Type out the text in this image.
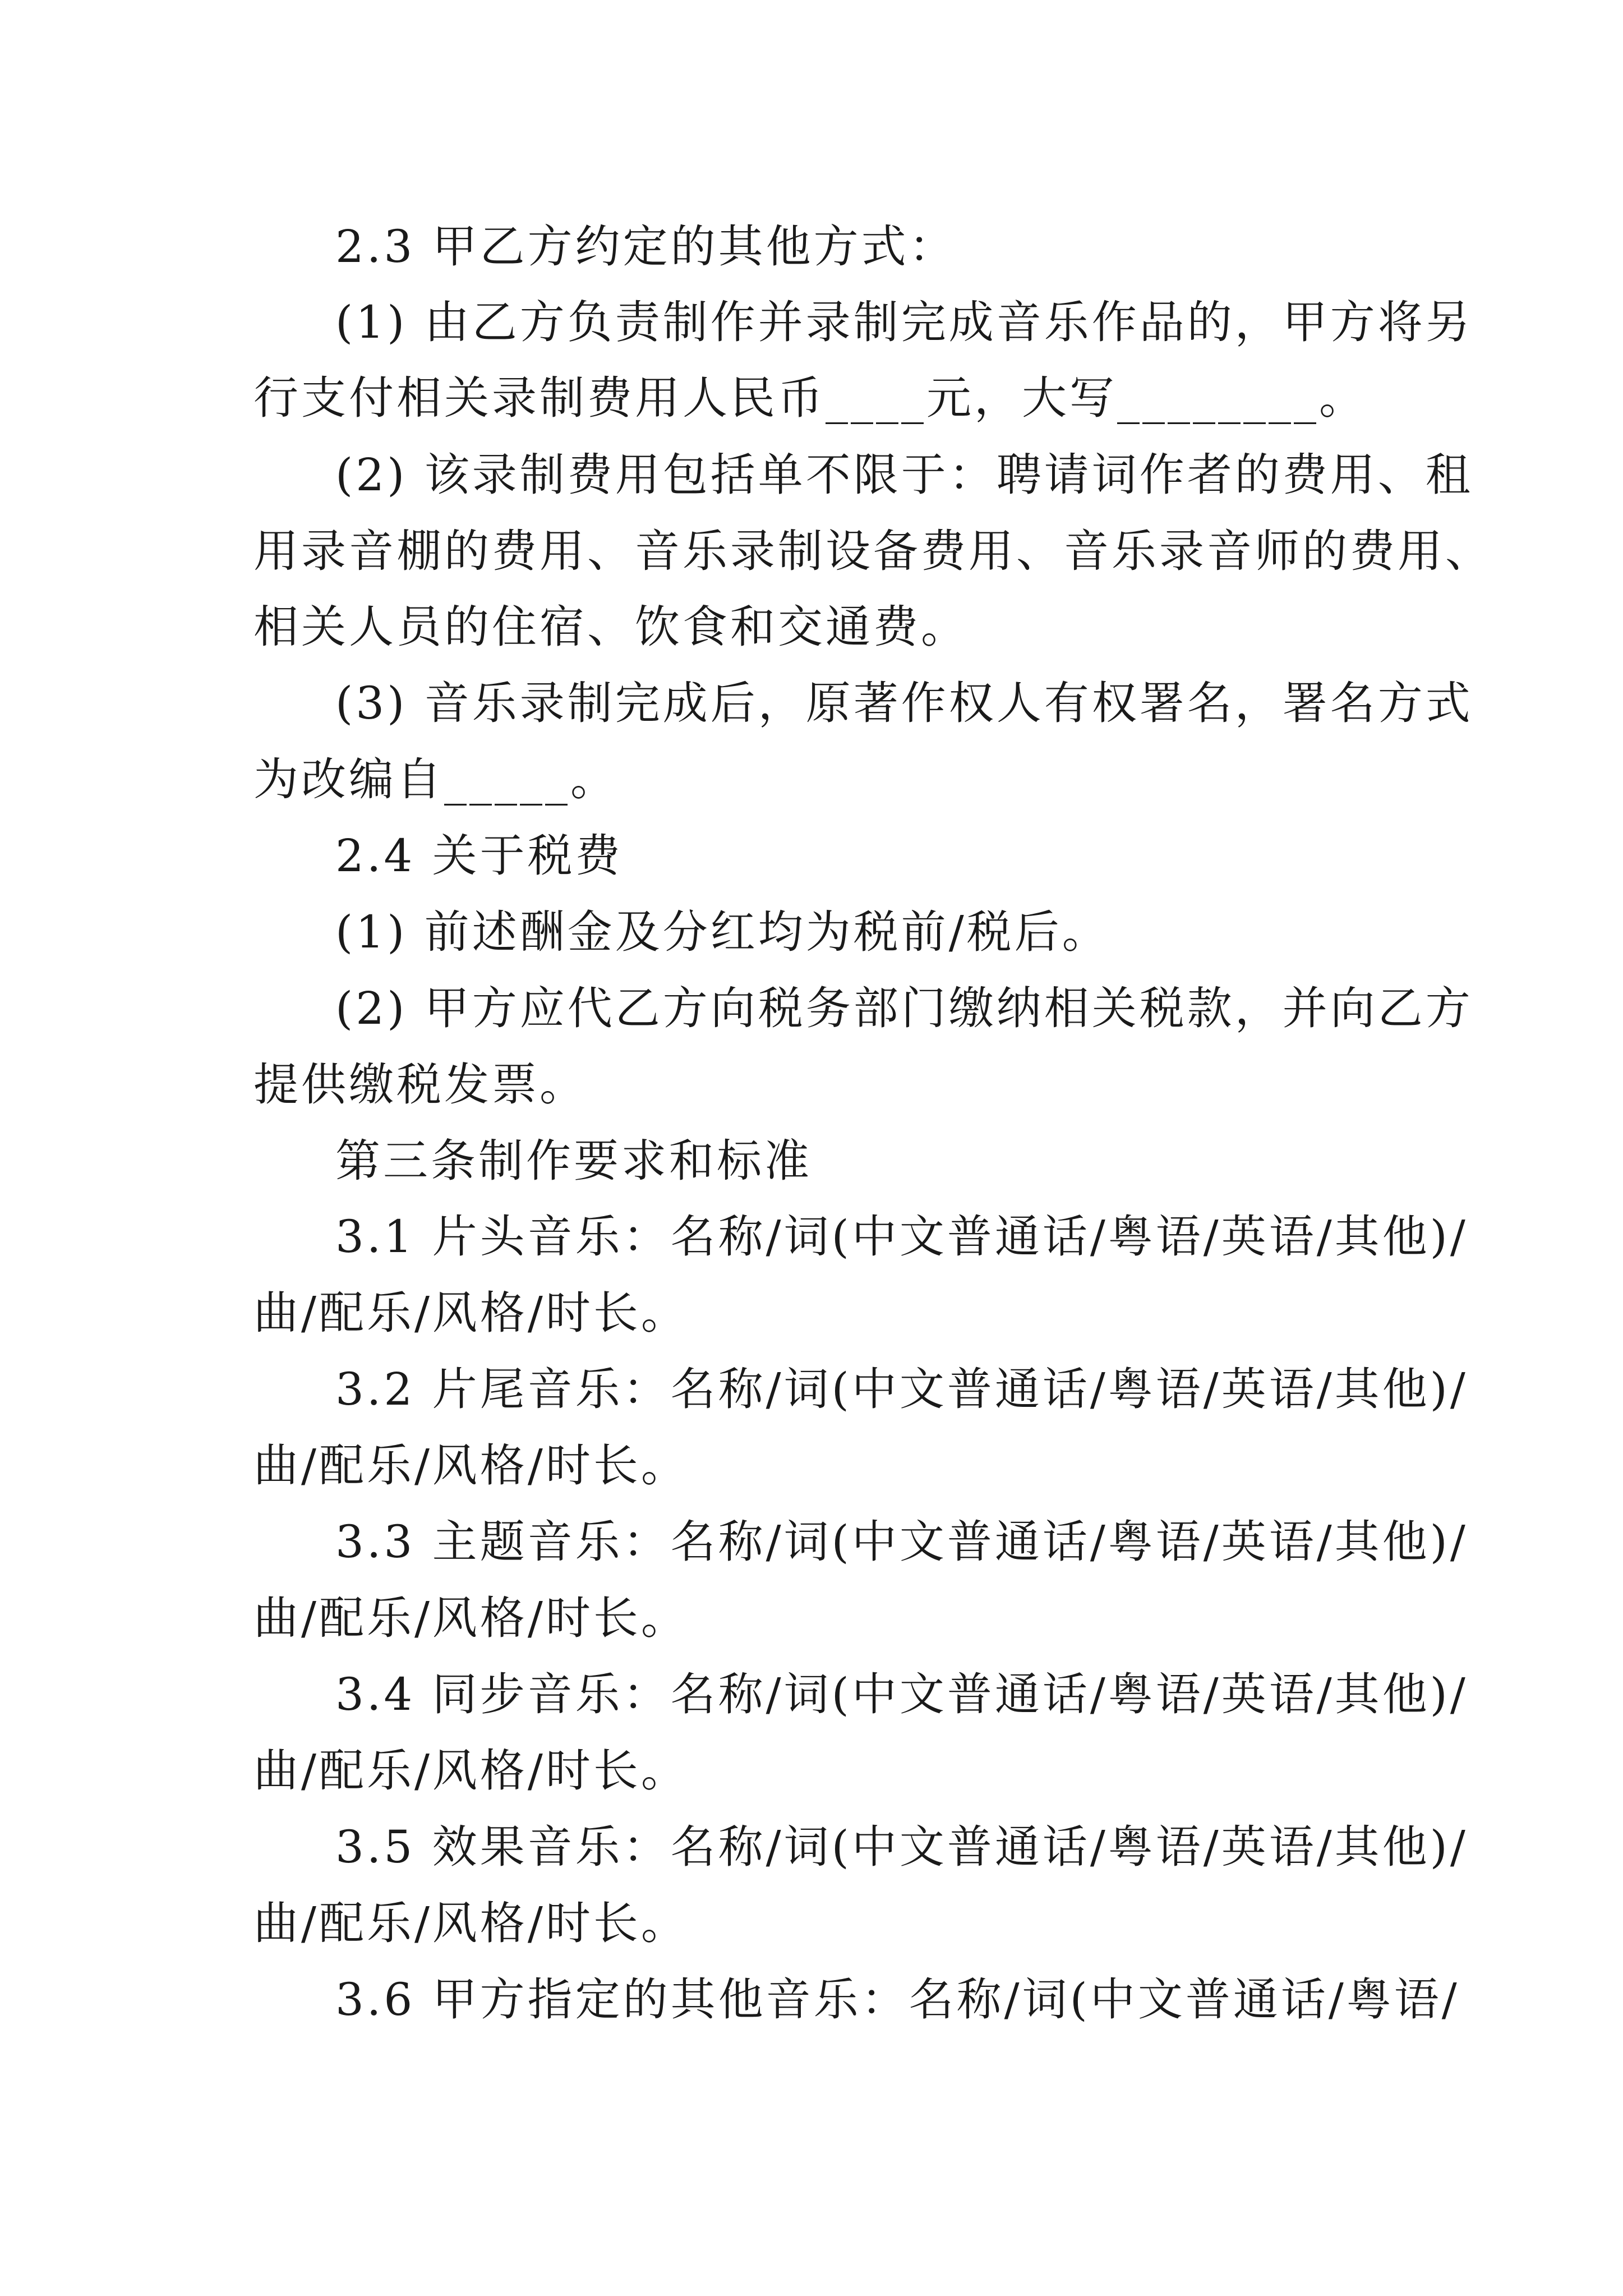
2.3 甲乙方约定的其他方式：
(1) 由乙方负责制作并录制完成音乐作品的，甲方将另
行支付相关录制费用人民币____元，大写________。
(2) 该录制费用包括单不限于：聘请词作者的费用、租
用录音棚的费用、音乐录制设备费用、音乐录音师的费用、
相关人员的住宿、饮食和交通费。
(3) 音乐录制完成后，原著作权人有权署名，署名方式
为改编自_____。
2.4 关于税费
(1) 前述酬金及分红均为税前/税后。
(2) 甲方应代乙方向税务部门缴纳相关税款，并向乙方
提供缴税发票。
第三条制作要求和标准
3.1 片头音乐：名称/词(中文普通话/粤语/英语/其他)/
曲/配乐/风格/时长。
3.2 片尾音乐：名称/词(中文普通话/粤语/英语/其他)/
曲/配乐/风格/时长。
3.3 主题音乐：名称/词(中文普通话/粤语/英语/其他)/
曲/配乐/风格/时长。
3.4 同步音乐：名称/词(中文普通话/粤语/英语/其他)/
曲/配乐/风格/时长。
3.5 效果音乐：名称/词(中文普通话/粤语/英语/其他)/
曲/配乐/风格/时长。
3.6 甲方指定的其他音乐：名称/词(中文普通话/粤语/
